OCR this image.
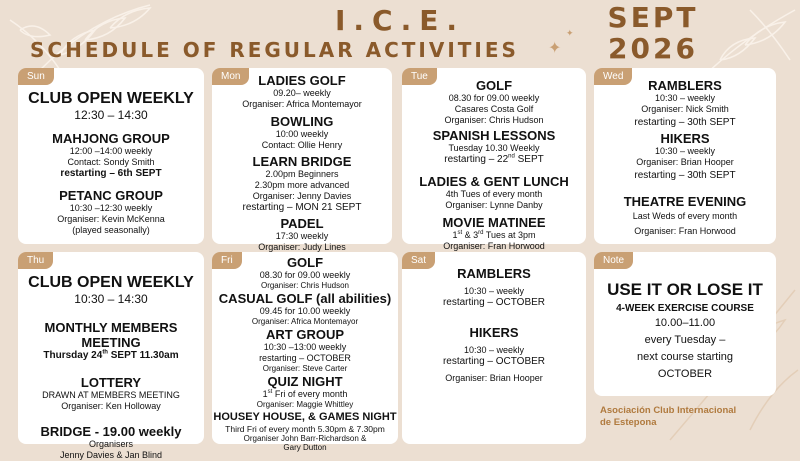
✦
✦
I.C.E.
SCHEDULE OF REGULAR ACTIVITIES
SEPT
2026
Sun
CLUB OPEN WEEKLY
12:30 – 14:30
MAHJONG GROUP
12:00 –14:00 weekly
Contact: Sondy Smith
restarting – 6th SEPT
PETANC GROUP
10:30 –12:30 weekly
Organiser: Kevin McKenna
(played seasonally)
Mon	LADIES GOLF
09.20– weekly
Organiser: Africa Montemayor
BOWLING
10:00 weekly
Contact: Ollie Henry
LEARN BRIDGE
2.00pm Beginners
2.30pm more advanced
Organiser: Jenny Davies
restarting – MON 21 SEPT
PADEL
17:30 weekly
Organiser: Judy Lines
Tue
GOLF
08.30 for 09.00 weekly
Casares Costa Golf
Organiser: Chris Hudson
SPANISH LESSONS
Tuesday 10.30 Weekly
restarting – 22nd SEPT
LADIES & GENT LUNCH
4th Tues of every month
Organiser: Lynne Danby
MOVIE MATINEE
1st & 3rd Tues at 3pm
Organiser: Fran Horwood
Wed
RAMBLERS
10:30 – weekly
Organiser: Nick Smith
restarting – 30th SEPT
HIKERS
10:30 – weekly
Organiser: Brian Hooper
restarting – 30th SEPT
THEATRE EVENING
Last Weds of every month
Organiser: Fran Horwood
Thu
CLUB OPEN WEEKLY
10:30 – 14:30
MONTHLY MEMBERS MEETING
Thursday 24th SEPT 11.30am
LOTTERY
DRAWN AT MEMBERS MEETING
Organiser: Ken Holloway
BRIDGE - 19.00 weekly
Organisers
Jenny Davies & Jan Blind
Fri	GOLF
08.30 for 09.00 weekly
Organiser: Chris Hudson
CASUAL GOLF (all abilities)
09.45 for 10.00 weekly
Organiser: Africa Montemayor
ART GROUP
10:30 –13:00 weekly
restarting – OCTOBER
Organiser: Steve Carter
QUIZ NIGHT
1st Fri of every month
Organiser: Maggie Whittley
HOUSEY HOUSE, & GAMES NIGHT
Third Fri of every month 5.30pm & 7.30pm
Organiser John Barr-Richardson &
Gary Dutton
Sat
RAMBLERS
10:30 – weekly
restarting – OCTOBER
HIKERS
10:30 – weekly
restarting – OCTOBER
Organiser: Brian Hooper
Note
USE IT OR LOSE IT
4-WEEK EXERCISE COURSE
10.00–11.00
every Tuesday –
next course starting
OCTOBER
Asociación Club Internacional
de Estepona
